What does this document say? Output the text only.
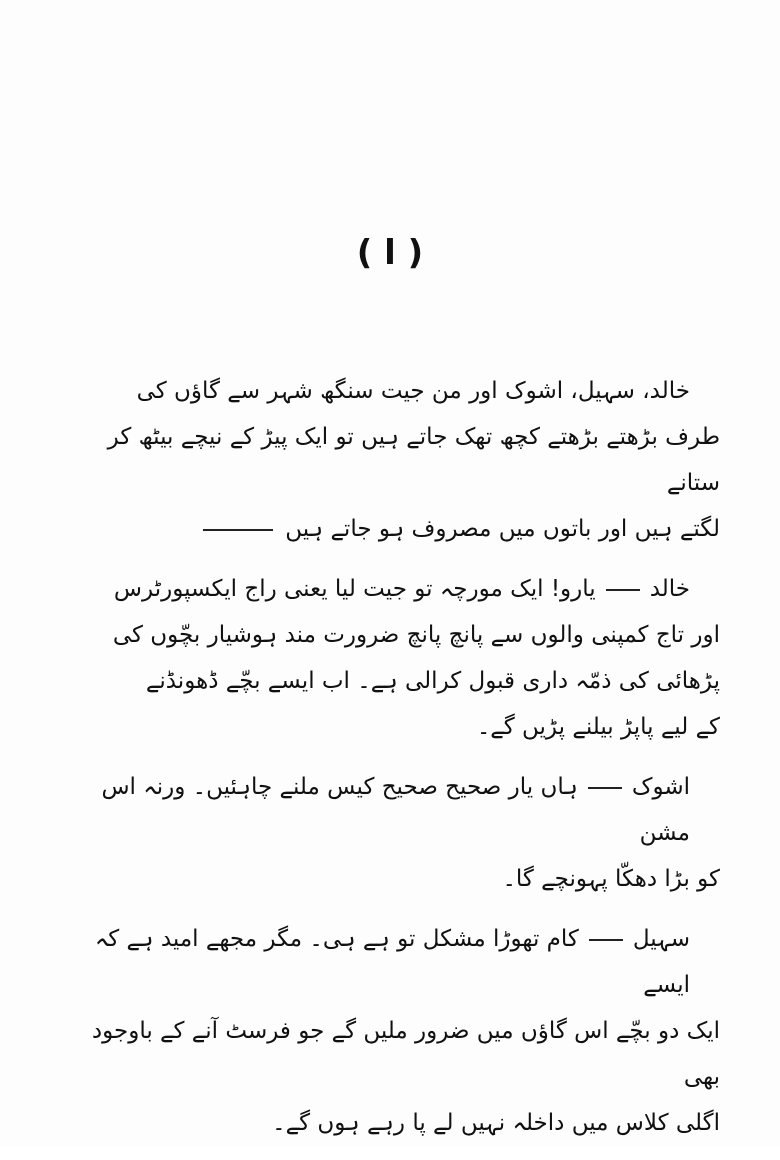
( ا )
خالد، سہیل، اشوک اور من جیت سنگھ شہر سے گاؤں کی
طرف بڑھتے بڑھتے کچھ تھک جاتے ہیں تو ایک پیڑ کے نیچے بیٹھ کر ستانے
لگتے ہیں اور باتوں میں مصروف ہو جاتے ہیں
خالدیارو! ایک مورچہ تو جیت لیا یعنی راج ایکسپورٹرس
اور تاج کمپنی والوں سے پانچ پانچ ضرورت مند ہوشیار بچّوں کی
پڑھائی کی ذمّہ داری قبول کرالی ہے۔ اب ایسے بچّے ڈھونڈنے
کے لیے پاپڑ بیلنے پڑیں گے۔
اشوکہاں یار صحیح صحیح کیس ملنے چاہئیں۔ ورنہ اس مشن
کو بڑا دھکّا پہونچے گا۔
سہیلکام تھوڑا مشکل تو ہے ہی۔ مگر مجھے امید ہے کہ ایسے
ایک دو بچّے اس گاؤں میں ضرور ملیں گے جو فرسٹ آنے کے باوجود بھی
اگلی کلاس میں داخلہ نہیں لے پا رہے ہوں گے۔
